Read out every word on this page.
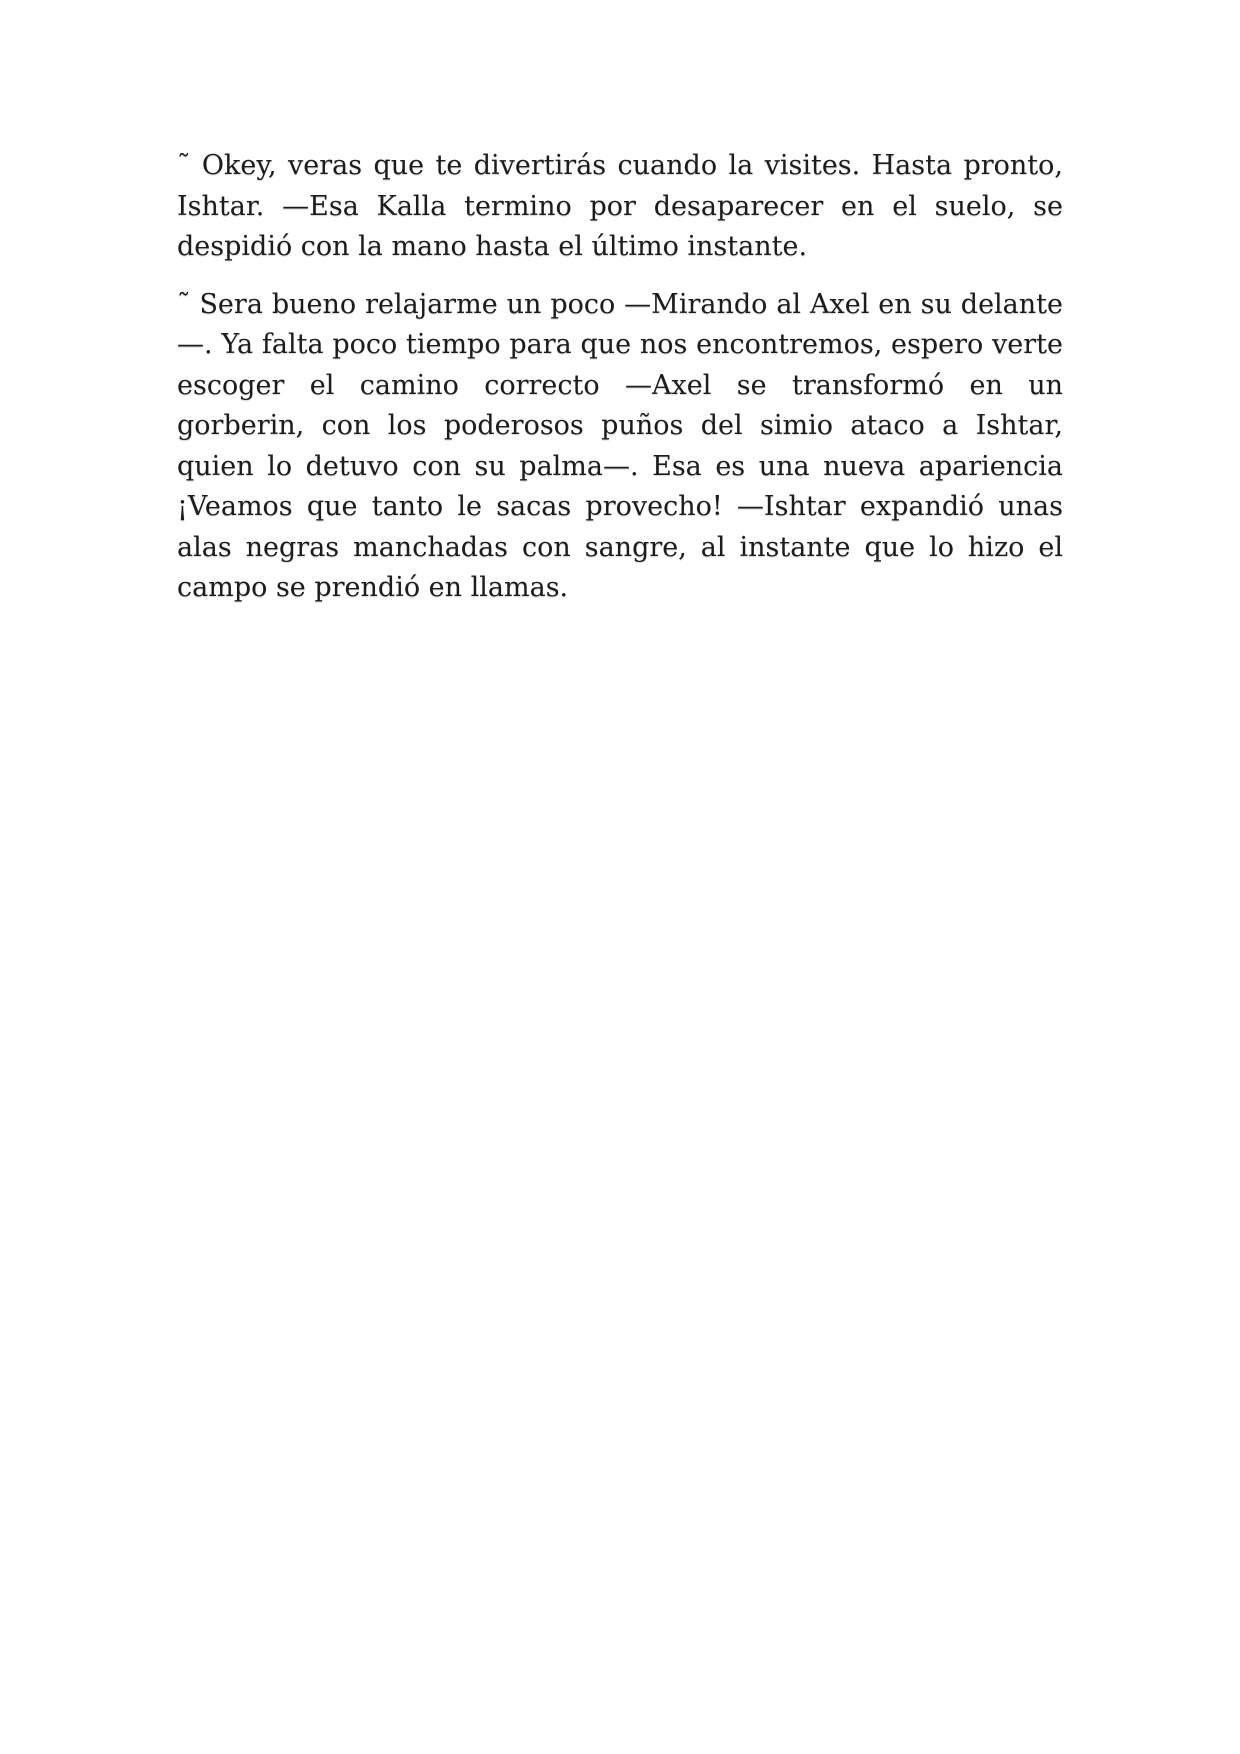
˜ Okey, veras que te divertirás cuando la visites. Hasta pronto, Ishtar. —Esa Kalla termino por desaparecer en el suelo, se despidió con la mano hasta el último instante.

˜ Sera bueno relajarme un poco —Mirando al Axel en su delante—. Ya falta poco tiempo para que nos encontremos, espero verte escoger el camino correcto —Axel se transformó en un gorberin, con los poderosos puños del simio ataco a Ishtar, quien lo detuvo con su palma—. Esa es una nueva apariencia ¡Veamos que tanto le sacas provecho! —Ishtar expandió unas alas negras manchadas con sangre, al instante que lo hizo el campo se prendió en llamas.
